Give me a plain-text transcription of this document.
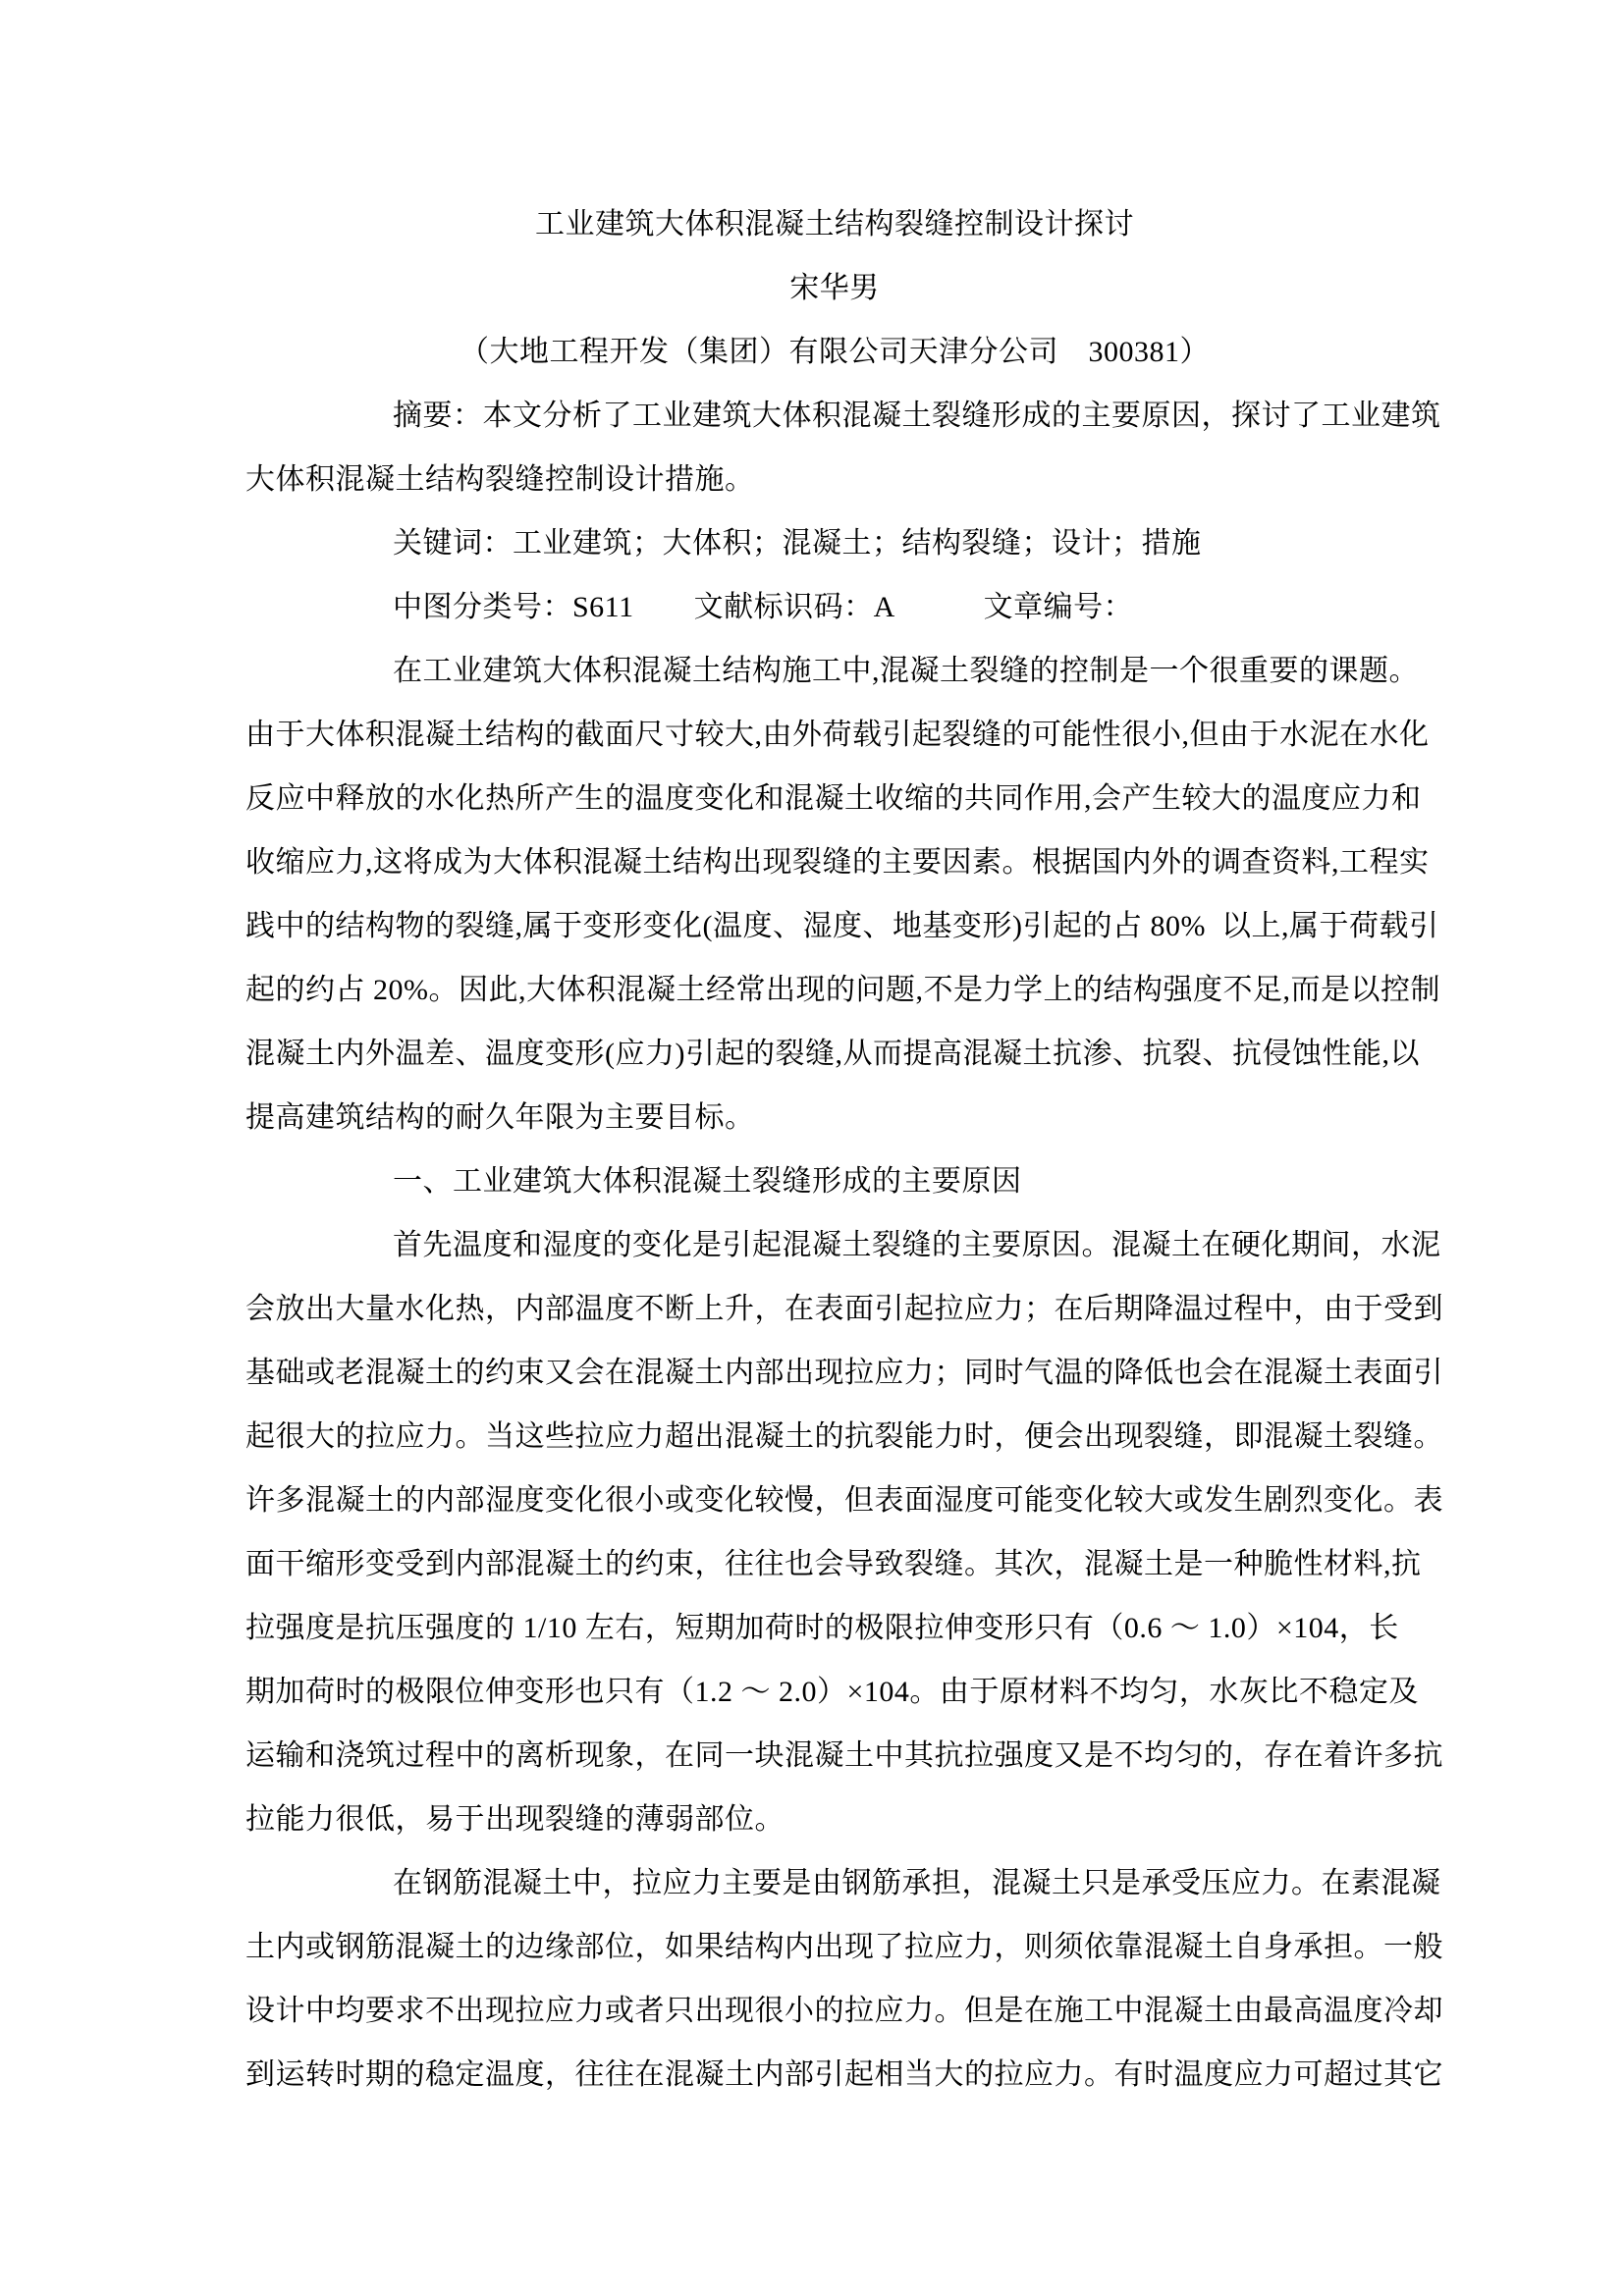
工业建筑大体积混凝土结构裂缝控制设计探讨
宋华男
（大地工程开发（集团）有限公司天津分公司　300381）
摘要：本文分析了工业建筑大体积混凝土裂缝形成的主要原因，探讨了工业建筑
大体积混凝土结构裂缝控制设计措施。
关键词：工业建筑；大体积；混凝土；结构裂缝；设计；措施
中图分类号：S611　　文献标识码：A　　　文章编号：
在工业建筑大体积混凝土结构施工中,混凝土裂缝的控制是一个很重要的课题。
由于大体积混凝土结构的截面尺寸较大,由外荷载引起裂缝的可能性很小,但由于水泥在水化
反应中释放的水化热所产生的温度变化和混凝土收缩的共同作用,会产生较大的温度应力和
收缩应力,这将成为大体积混凝土结构出现裂缝的主要因素。根据国内外的调查资料,工程实
践中的结构物的裂缝,属于变形变化(温度、湿度、地基变形)引起的占 80%  以上,属于荷载引
起的约占 20%。因此,大体积混凝土经常出现的问题,不是力学上的结构强度不足,而是以控制
混凝土内外温差、温度变形(应力)引起的裂缝,从而提高混凝土抗渗、抗裂、抗侵蚀性能,以
提高建筑结构的耐久年限为主要目标。
一、工业建筑大体积混凝土裂缝形成的主要原因
首先温度和湿度的变化是引起混凝土裂缝的主要原因。混凝土在硬化期间，水泥
会放出大量水化热，内部温度不断上升，在表面引起拉应力；在后期降温过程中，由于受到
基础或老混凝土的约束又会在混凝土内部出现拉应力；同时气温的降低也会在混凝土表面引
起很大的拉应力。当这些拉应力超出混凝土的抗裂能力时，便会出现裂缝，即混凝土裂缝。
许多混凝土的内部湿度变化很小或变化较慢，但表面湿度可能变化较大或发生剧烈变化。表
面干缩形变受到内部混凝土的约束，往往也会导致裂缝。其次，混凝土是一种脆性材料,抗
拉强度是抗压强度的 1/10 左右，短期加荷时的极限拉伸变形只有（0.6 ～ 1.0）×104，长
期加荷时的极限位伸变形也只有（1.2 ～ 2.0）×104。由于原材料不均匀，水灰比不稳定及
运输和浇筑过程中的离析现象，在同一块混凝土中其抗拉强度又是不均匀的，存在着许多抗
拉能力很低，易于出现裂缝的薄弱部位。
在钢筋混凝土中，拉应力主要是由钢筋承担，混凝土只是承受压应力。在素混凝
土内或钢筋混凝土的边缘部位，如果结构内出现了拉应力，则须依靠混凝土自身承担。一般
设计中均要求不出现拉应力或者只出现很小的拉应力。但是在施工中混凝土由最高温度冷却
到运转时期的稳定温度，往往在混凝土内部引起相当大的拉应力。有时温度应力可超过其它
